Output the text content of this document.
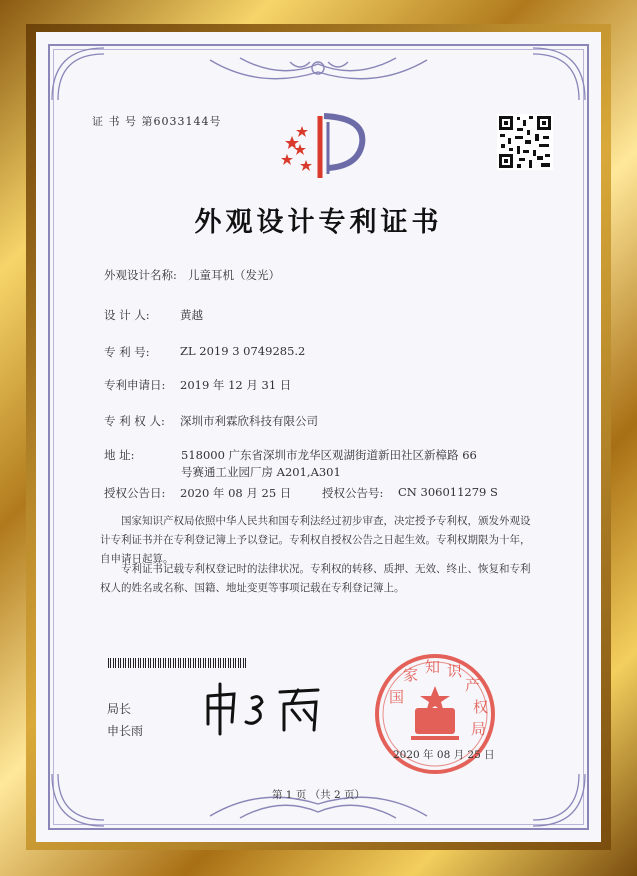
证 书 号 第6033144号
外观设计专利证书
外观设计名称: 儿童耳机（发光）
设 计 人:	黄越
专 利 号:	ZL 2019 3 0749285.2
专利申请日: 2019 年 12 月 31 日
专 利 权 人: 深圳市利霖欣科技有限公司
地 址:	518000 广东省深圳市龙华区观湖街道新田社区新樟路 66
号赛通工业园厂房 A201,A301
授权公告日: 2020 年 08 月 25 日	授权公告号: CN 306011279 S
国家知识产权局依照中华人民共和国专利法经过初步审查，决定授予专利权，颁发外观设计专利证书并在专利登记簿上予以登记。专利权自授权公告之日起生效。专利权期限为十年，自申请日起算。
专利证书记载专利权登记时的法律状况。专利权的转移、质押、无效、终止、恢复和专利权人的姓名或名称、国籍、地址变更等事项记载在专利登记簿上。
局长
申长雨
国
家 知 识
产
权
局
2020 年 08 月 25 日
第 1 页 （共 2 页）
